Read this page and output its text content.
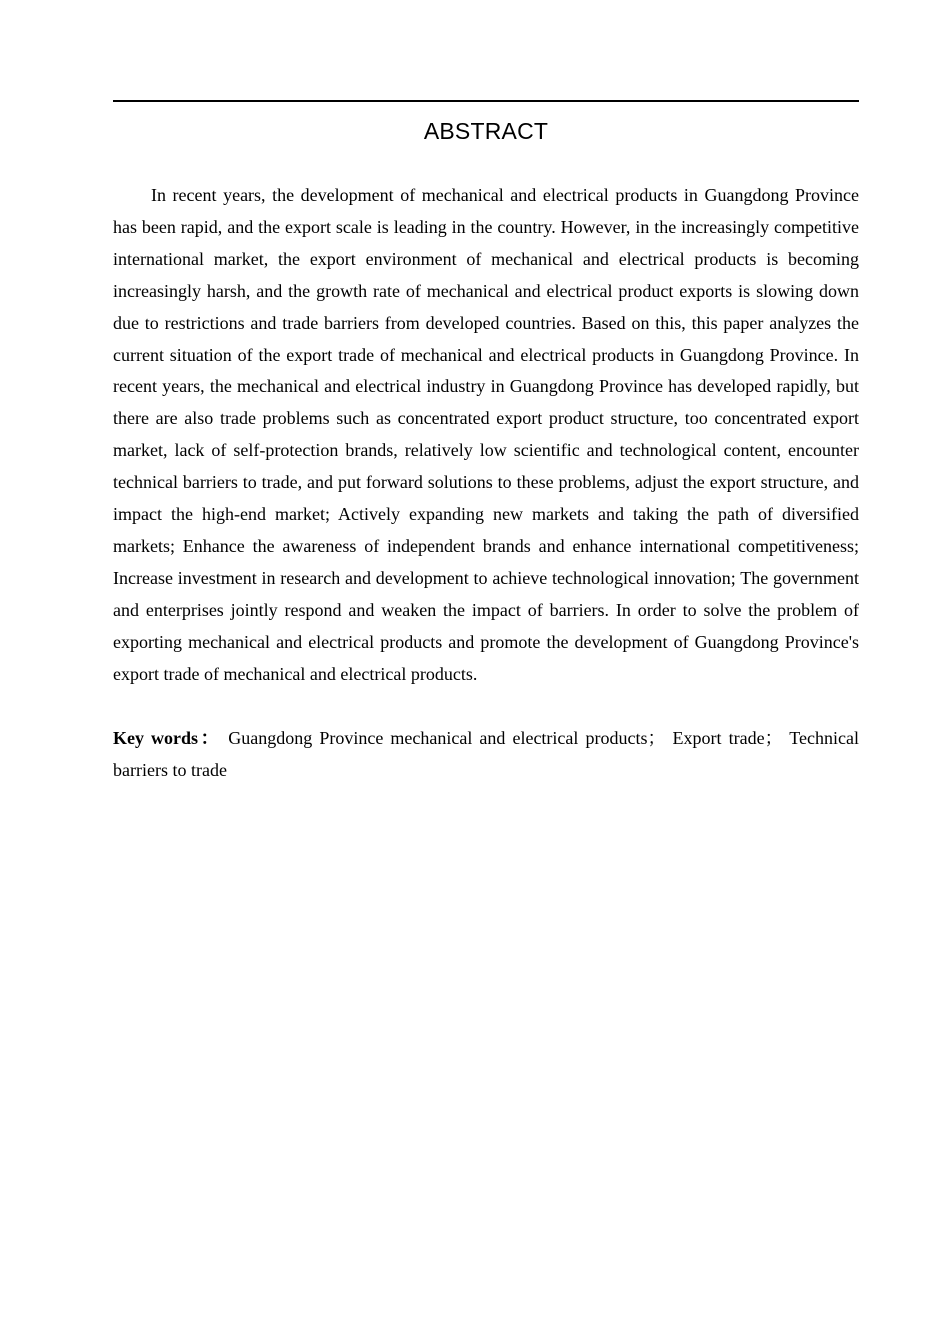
ABSTRACT

In recent years, the development of mechanical and electrical products in Guangdong Province has been rapid, and the export scale is leading in the country. However, in the increasingly competitive international market, the export environment of mechanical and electrical products is becoming increasingly harsh, and the growth rate of mechanical and electrical product exports is slowing down due to restrictions and trade barriers from developed countries. Based on this, this paper analyzes the current situation of the export trade of mechanical and electrical products in Guangdong Province. In recent years, the mechanical and electrical industry in Guangdong Province has developed rapidly, but there are also trade problems such as concentrated export product structure, too concentrated export market, lack of self-protection brands, relatively low scientific and technological content, encounter technical barriers to trade, and put forward solutions to these problems, adjust the export structure, and impact the high-end market; Actively expanding new markets and taking the path of diversified markets; Enhance the awareness of independent brands and enhance international competitiveness; Increase investment in research and development to achieve technological innovation; The government and enterprises jointly respond and weaken the impact of barriers. In order to solve the problem of exporting mechanical and electrical products and promote the development of Guangdong Province's export trade of mechanical and electrical products.

Key words： Guangdong Province mechanical and electrical products； Export trade； Technical barriers to trade
